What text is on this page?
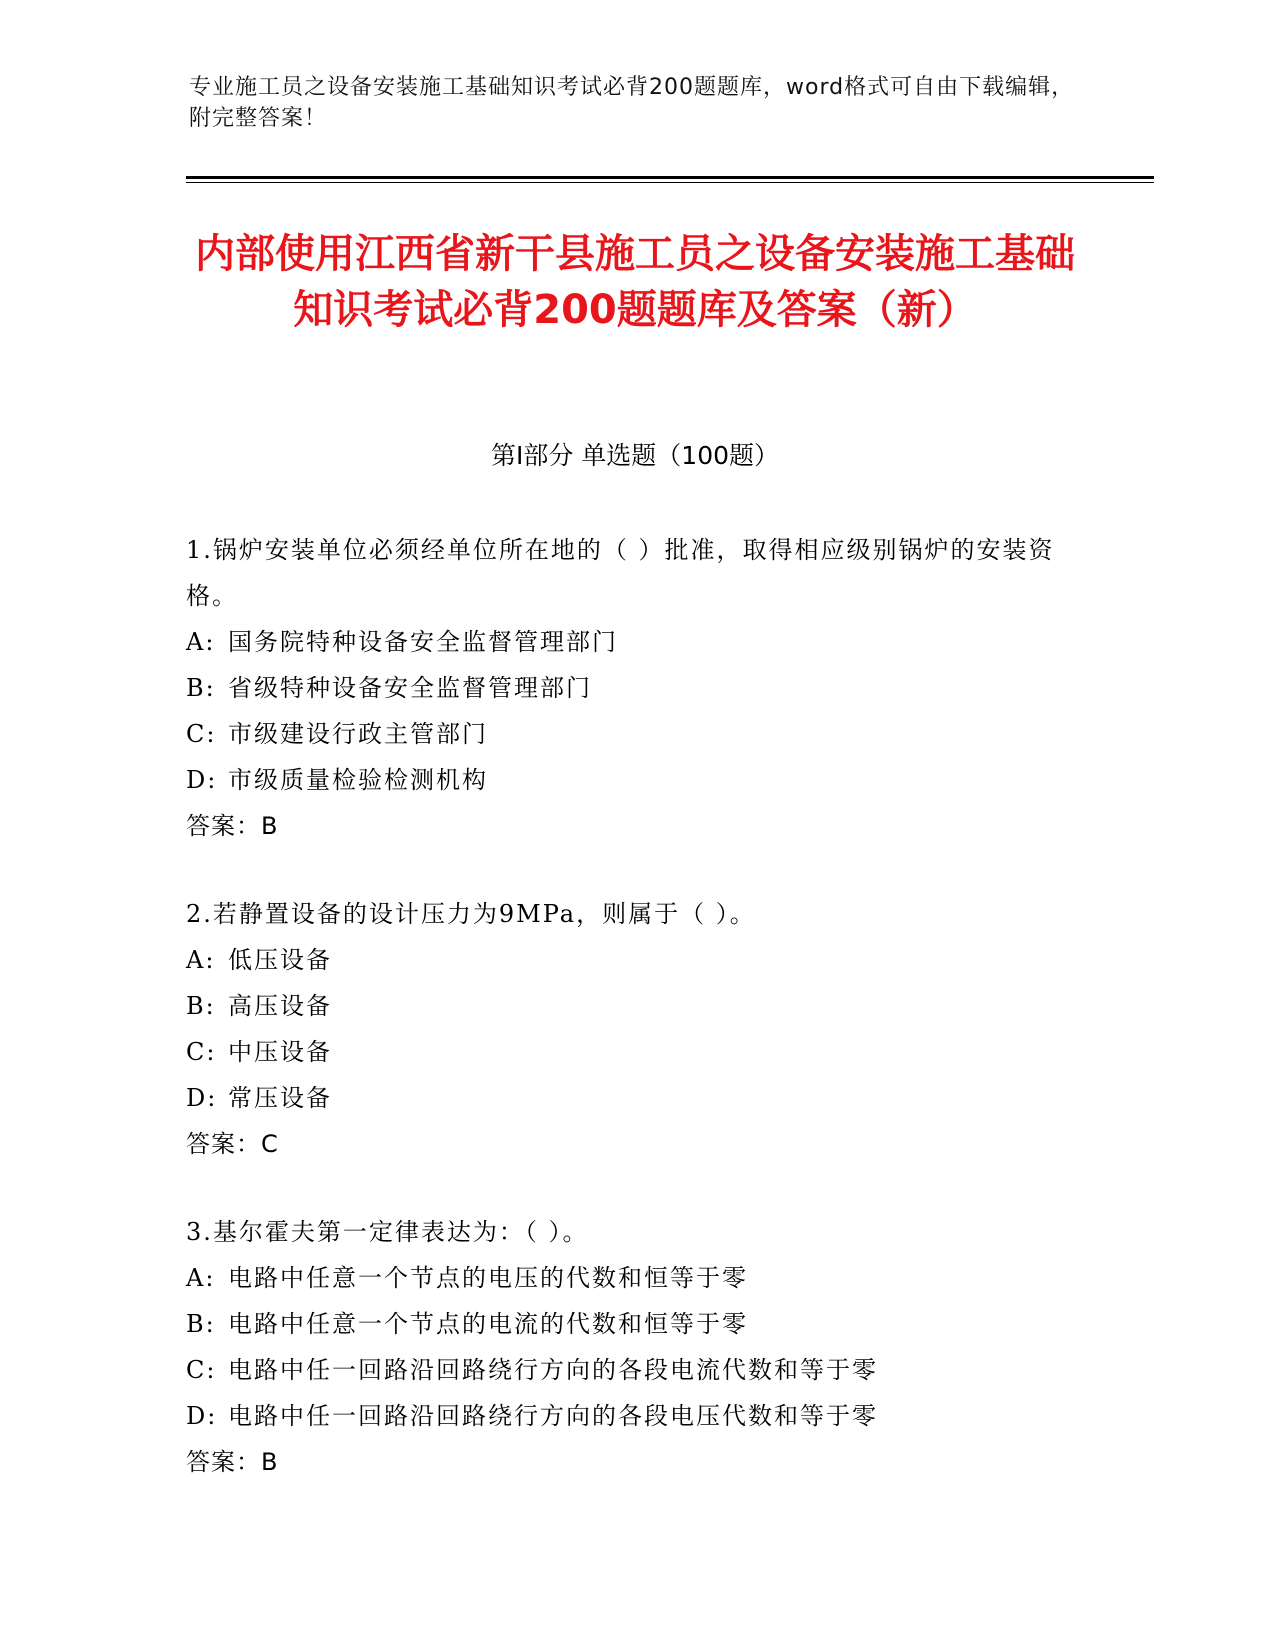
专业施工员之设备安装施工基础知识考试必背200题题库，word格式可自由下载编辑，附完整答案！
内部使用江西省新干县施工员之设备安装施工基础知识考试必背200题题库及答案（新）
第Ⅰ部分 单选题（100题）
1.锅炉安装单位必须经单位所在地的（ ）批准，取得相应级别锅炉的安装资格。
A: 国务院特种设备安全监督管理部门
B: 省级特种设备安全监督管理部门
C: 市级建设行政主管部门
D: 市级质量检验检测机构
答案：B
2.若静置设备的设计压力为9MPa，则属于（ ）。
A: 低压设备
B: 高压设备
C: 中压设备
D: 常压设备
答案：C
3.基尔霍夫第一定律表达为：（ ）。
A: 电路中任意一个节点的电压的代数和恒等于零
B: 电路中任意一个节点的电流的代数和恒等于零
C: 电路中任一回路沿回路绕行方向的各段电流代数和等于零
D: 电路中任一回路沿回路绕行方向的各段电压代数和等于零
答案：B
